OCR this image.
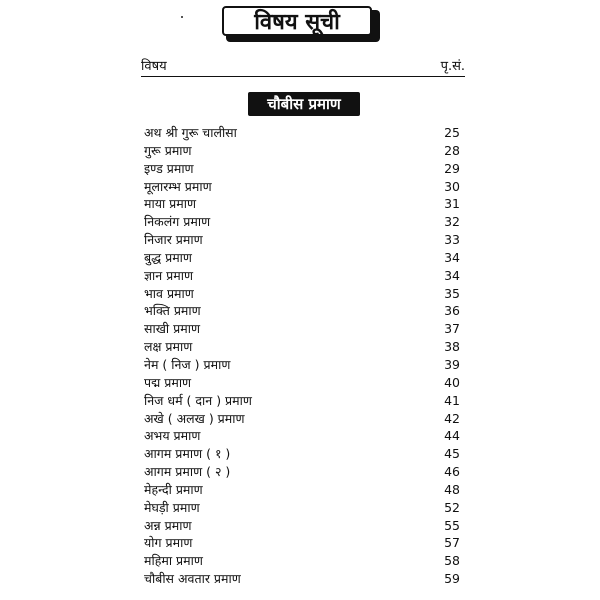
विषय सूची
विषय	पृ.सं.
चौबीस प्रमाण
अथ श्री गुरू चालीसा	25
गुरू प्रमाण	28
इण्ड प्रमाण	29
मूलारम्भ प्रमाण	30
माया प्रमाण	31
निकलंग प्रमाण	32
निजार प्रमाण	33
बुद्ध प्रमाण	34
ज्ञान प्रमाण	34
भाव प्रमाण	35
भक्ति प्रमाण	36
साखी प्रमाण	37
लक्ष प्रमाण	38
नेम ( निज ) प्रमाण	39
पद्म प्रमाण	40
निज धर्म ( दान ) प्रमाण	41
अखे ( अलख ) प्रमाण	42
अभय प्रमाण	44
आगम प्रमाण ( १ )	45
आगम प्रमाण ( २ )	46
मेहन्दी प्रमाण	48
मेघड़ी प्रमाण	52
अन्न प्रमाण	55
योग प्रमाण	57
महिमा प्रमाण	58
चौबीस अवतार प्रमाण	59
